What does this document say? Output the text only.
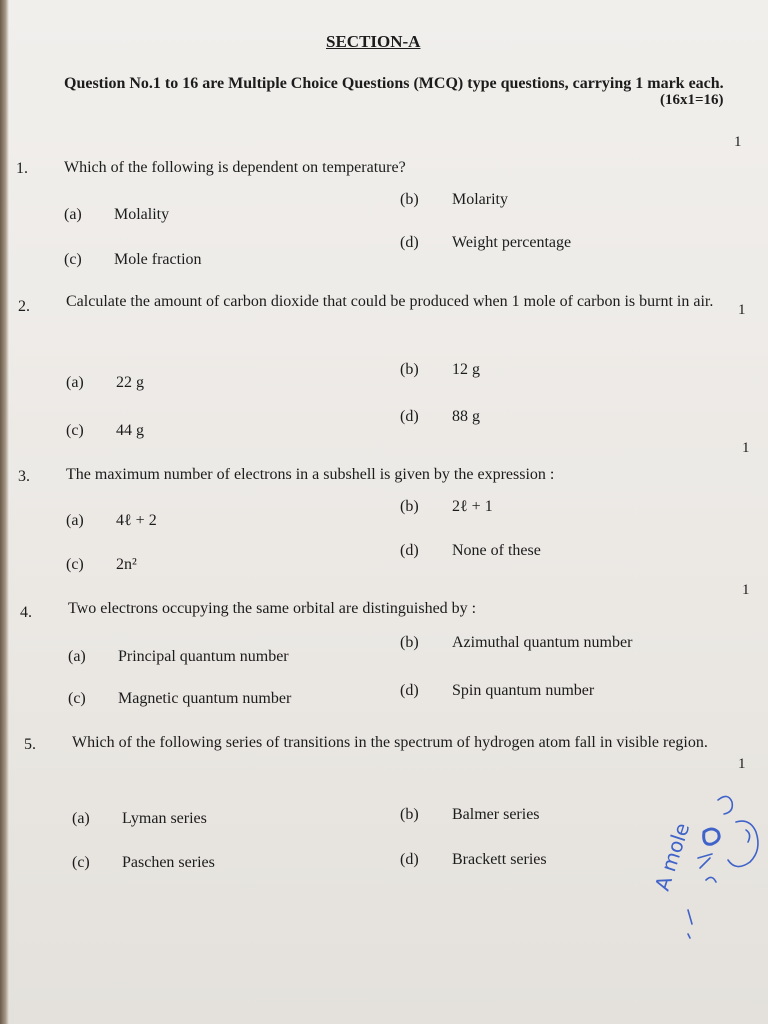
SECTION-A
Question No.1 to 16 are Multiple Choice Questions (MCQ) type questions, carrying 1 mark each.
(16x1=16)
1. Which of the following is dependent on temperature?
1
(a) Molality
(b) Molarity
(c) Mole fraction
(d) Weight percentage
2. Calculate the amount of carbon dioxide that could be produced when 1 mole of carbon is burnt in air.	1
(a) 22 g
(b) 12 g
(c) 44 g
(d) 88 g
3. The maximum number of electrons in a subshell is given by the expression :
1
(a) 4ℓ + 2
(b) 2ℓ + 1
(c) 2n²
(d) None of these
4. Two electrons occupying the same orbital are distinguished by :
1
(a) Principal quantum number
(b) Azimuthal quantum number
(c) Magnetic quantum number	(d) Spin quantum number
5. Which of the following series of transitions in the spectrum of hydrogen atom fall in visible region.
1
(a) Lyman series	(b) Balmer series
(c) Paschen series	(d) Brackett series	A mole
